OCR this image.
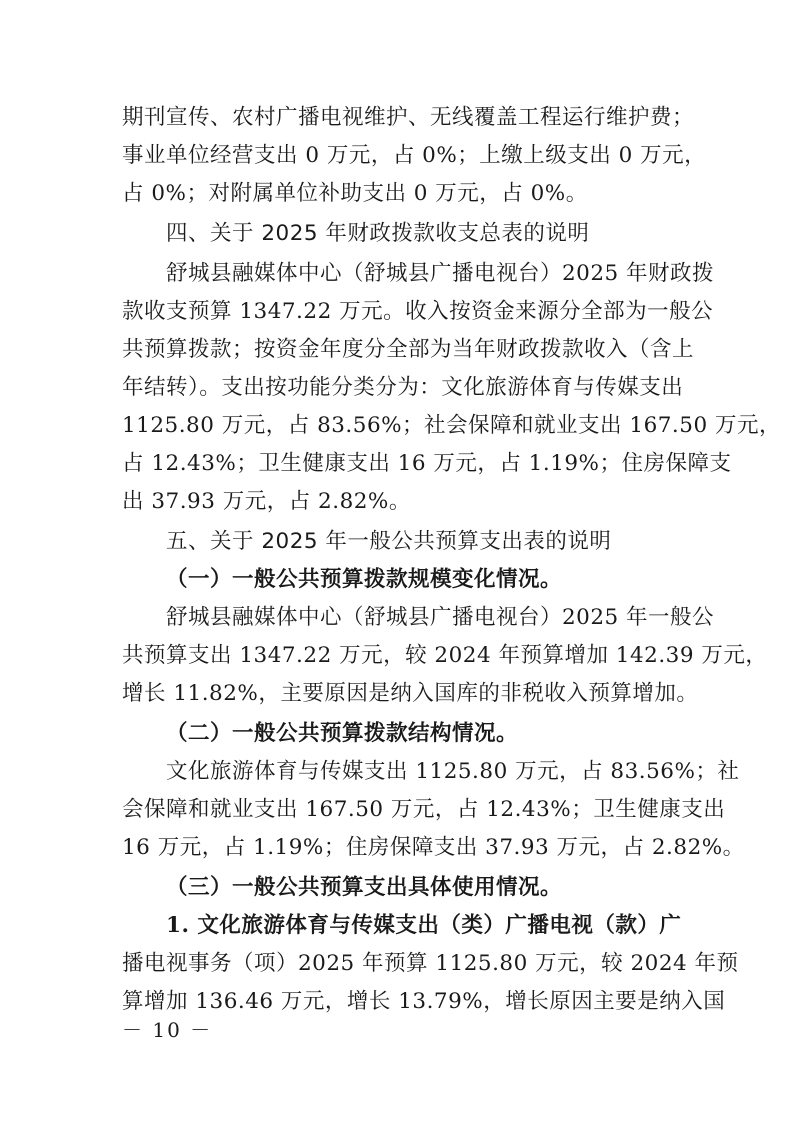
期刊宣传、农村广播电视维护、无线覆盖工程运行维护费；
事业单位经营支出 0 万元，占 0%；上缴上级支出 0 万元，
占 0%；对附属单位补助支出 0 万元，占 0%。
四、关于 2025 年财政拨款收支总表的说明
舒城县融媒体中心（舒城县广播电视台）2025 年财政拨
款收支预算 1347.22 万元。收入按资金来源分全部为一般公
共预算拨款；按资金年度分全部为当年财政拨款收入（含上
年结转）。支出按功能分类分为：文化旅游体育与传媒支出
1125.80 万元，占 83.56%；社会保障和就业支出 167.50 万元，
占 12.43%；卫生健康支出 16 万元，占 1.19%；住房保障支
出 37.93 万元，占 2.82%。
五、关于 2025 年一般公共预算支出表的说明
（一）一般公共预算拨款规模变化情况。
舒城县融媒体中心（舒城县广播电视台）2025 年一般公
共预算支出 1347.22 万元，较 2024 年预算增加 142.39 万元，
增长 11.82%，主要原因是纳入国库的非税收入预算增加。
（二）一般公共预算拨款结构情况。
文化旅游体育与传媒支出 1125.80 万元，占 83.56%；社
会保障和就业支出 167.50 万元，占 12.43%；卫生健康支出
16 万元，占 1.19%；住房保障支出 37.93 万元，占 2.82%。
（三）一般公共预算支出具体使用情况。
1. 文化旅游体育与传媒支出（类）广播电视（款）广
播电视事务（项）2025 年预算 1125.80 万元，较 2024 年预
算增加 136.46 万元，增长 13.79%，增长原因主要是纳入国
－ 10 －
